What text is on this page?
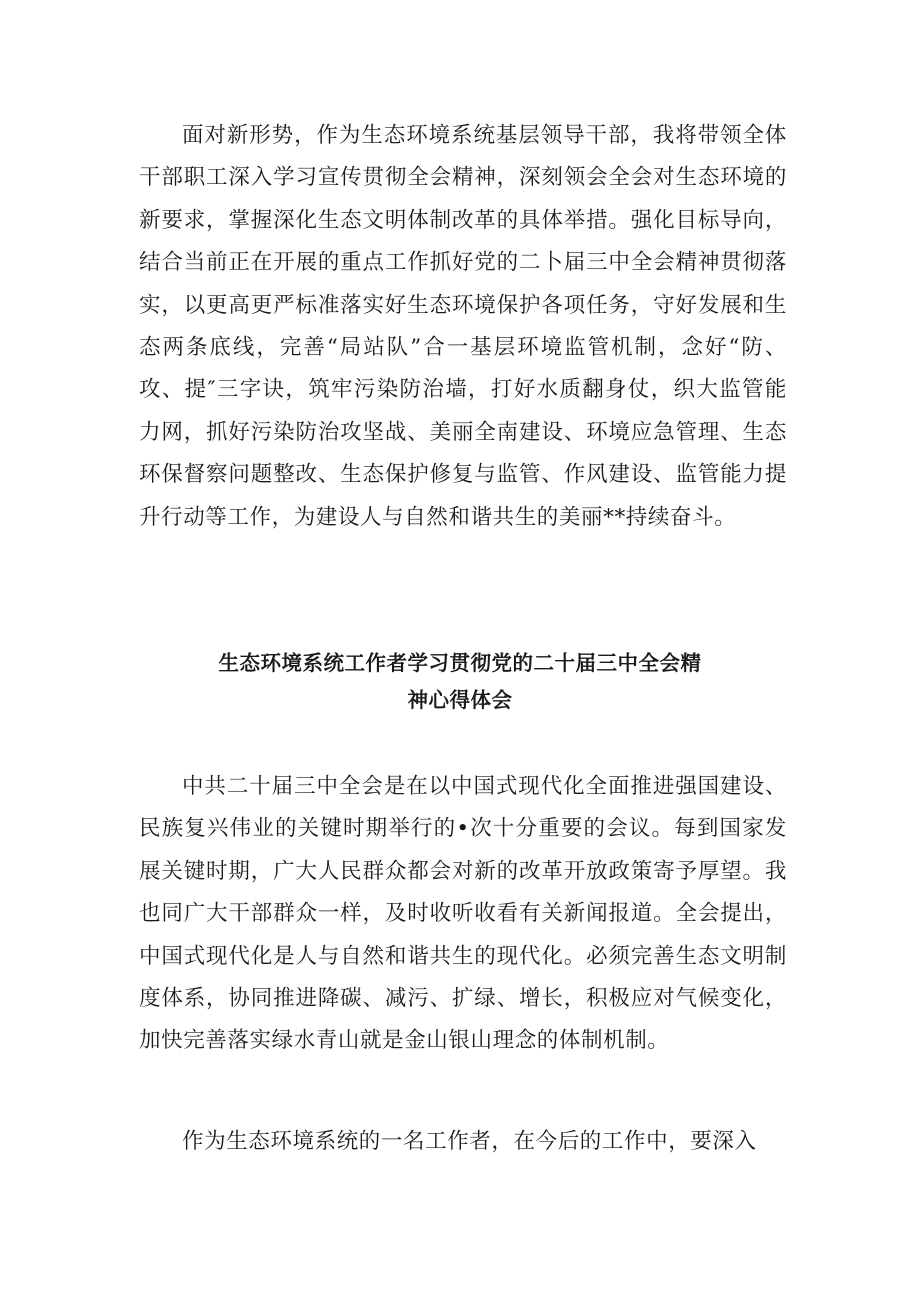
面对新形势，作为生态环境系统基层领导干部，我将带领全体干部职工深入学习宣传贯彻全会精神，深刻领会全会对生态环境的新要求，掌握深化生态文明体制改革的具体举措。强化目标导向，结合当前正在开展的重点工作抓好党的二卜届三中全会精神贯彻落实，以更高更严标准落实好生态环境保护各项任务，守好发展和生态两条底线，完善“局站队”合一基层环境监管机制，念好“防、攻、提″三字诀，筑牢污染防治墙，打好水质翻身仗，织大监管能力网，抓好污染防治攻坚战、美丽全南建设、环境应急管理、生态环保督察问题整改、生态保护修复与监管、作风建设、监管能力提升行动等工作，为建设人与自然和谐共生的美丽**持续奋斗。

生态环境系统工作者学习贯彻党的二十届三中全会精
神心得体会

中共二十届三中全会是在以中国式现代化全面推进强国建设、民族复兴伟业的关键时期举行的•次十分重要的会议。每到国家发展关键时期，广大人民群众都会对新的改革开放政策寄予厚望。我也同广大干部群众一样，及时收听收看有关新闻报道。全会提出，中国式现代化是人与自然和谐共生的现代化。必须完善生态文明制度体系，协同推进降碳、减污、扩绿、增长，积极应对气候变化，加快完善落实绿水青山就是金山银山理念的体制机制。

作为生态环境系统的一名工作者，在今后的工作中，要深入
